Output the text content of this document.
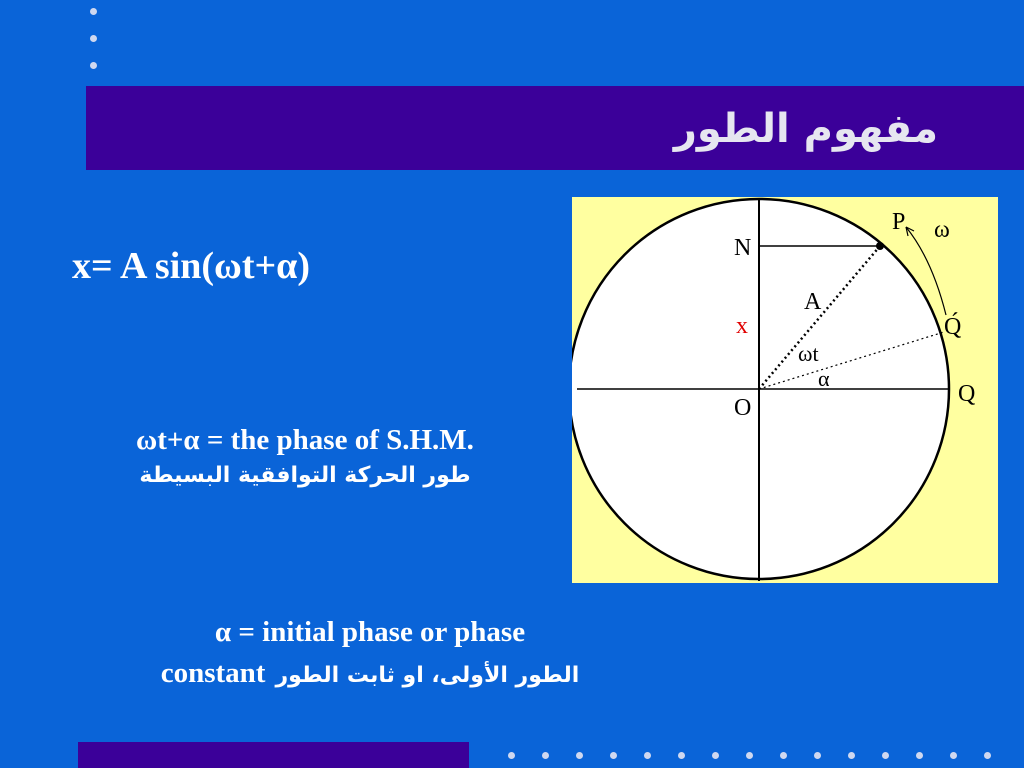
مفهوم الطور
x= A sin(ωt+α)
ωt+α = the phase of S.H.M.
طور الحركة التوافقية البسيطة
P ω
N
A
x	Q́
ωt
α
O
Q
α = initial phase or phase
constant الطور الأولى، او ثابت الطور
